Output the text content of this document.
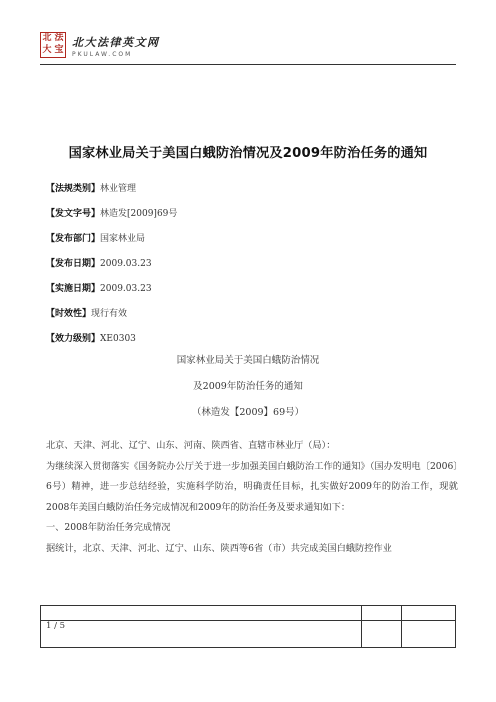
北 法
大 宝
北大法律英文网
PKULAW.COM
国家林业局关于美国白蛾防治情况及2009年防治任务的通知
【法规类别】林业管理
【发文字号】林造发[2009]69号
【发布部门】国家林业局
【发布日期】2009.03.23
【实施日期】2009.03.23
【时效性】现行有效
【效力级别】XE0303
国家林业局关于美国白蛾防治情况
及2009年防治任务的通知
（林造发【2009】69号）

北京、天津、河北、辽宁、山东、河南、陕西省、直辖市林业厅（局）：

为继续深入贯彻落实《国务院办公厅关于进一步加强美国白蛾防治工作的通知》（国办发明电〔2006〕6号）精神，进一步总结经验，实施科学防治，明确责任目标，扎实做好2009年的防治工作，现就2008年美国白蛾防治任务完成情况和2009年的防治任务及要求通知如下：

一、2008年防治任务完成情况

据统计，北京、天津、河北、辽宁、山东、陕西等6省（市）共完成美国白蛾防控作业

1 / 5
